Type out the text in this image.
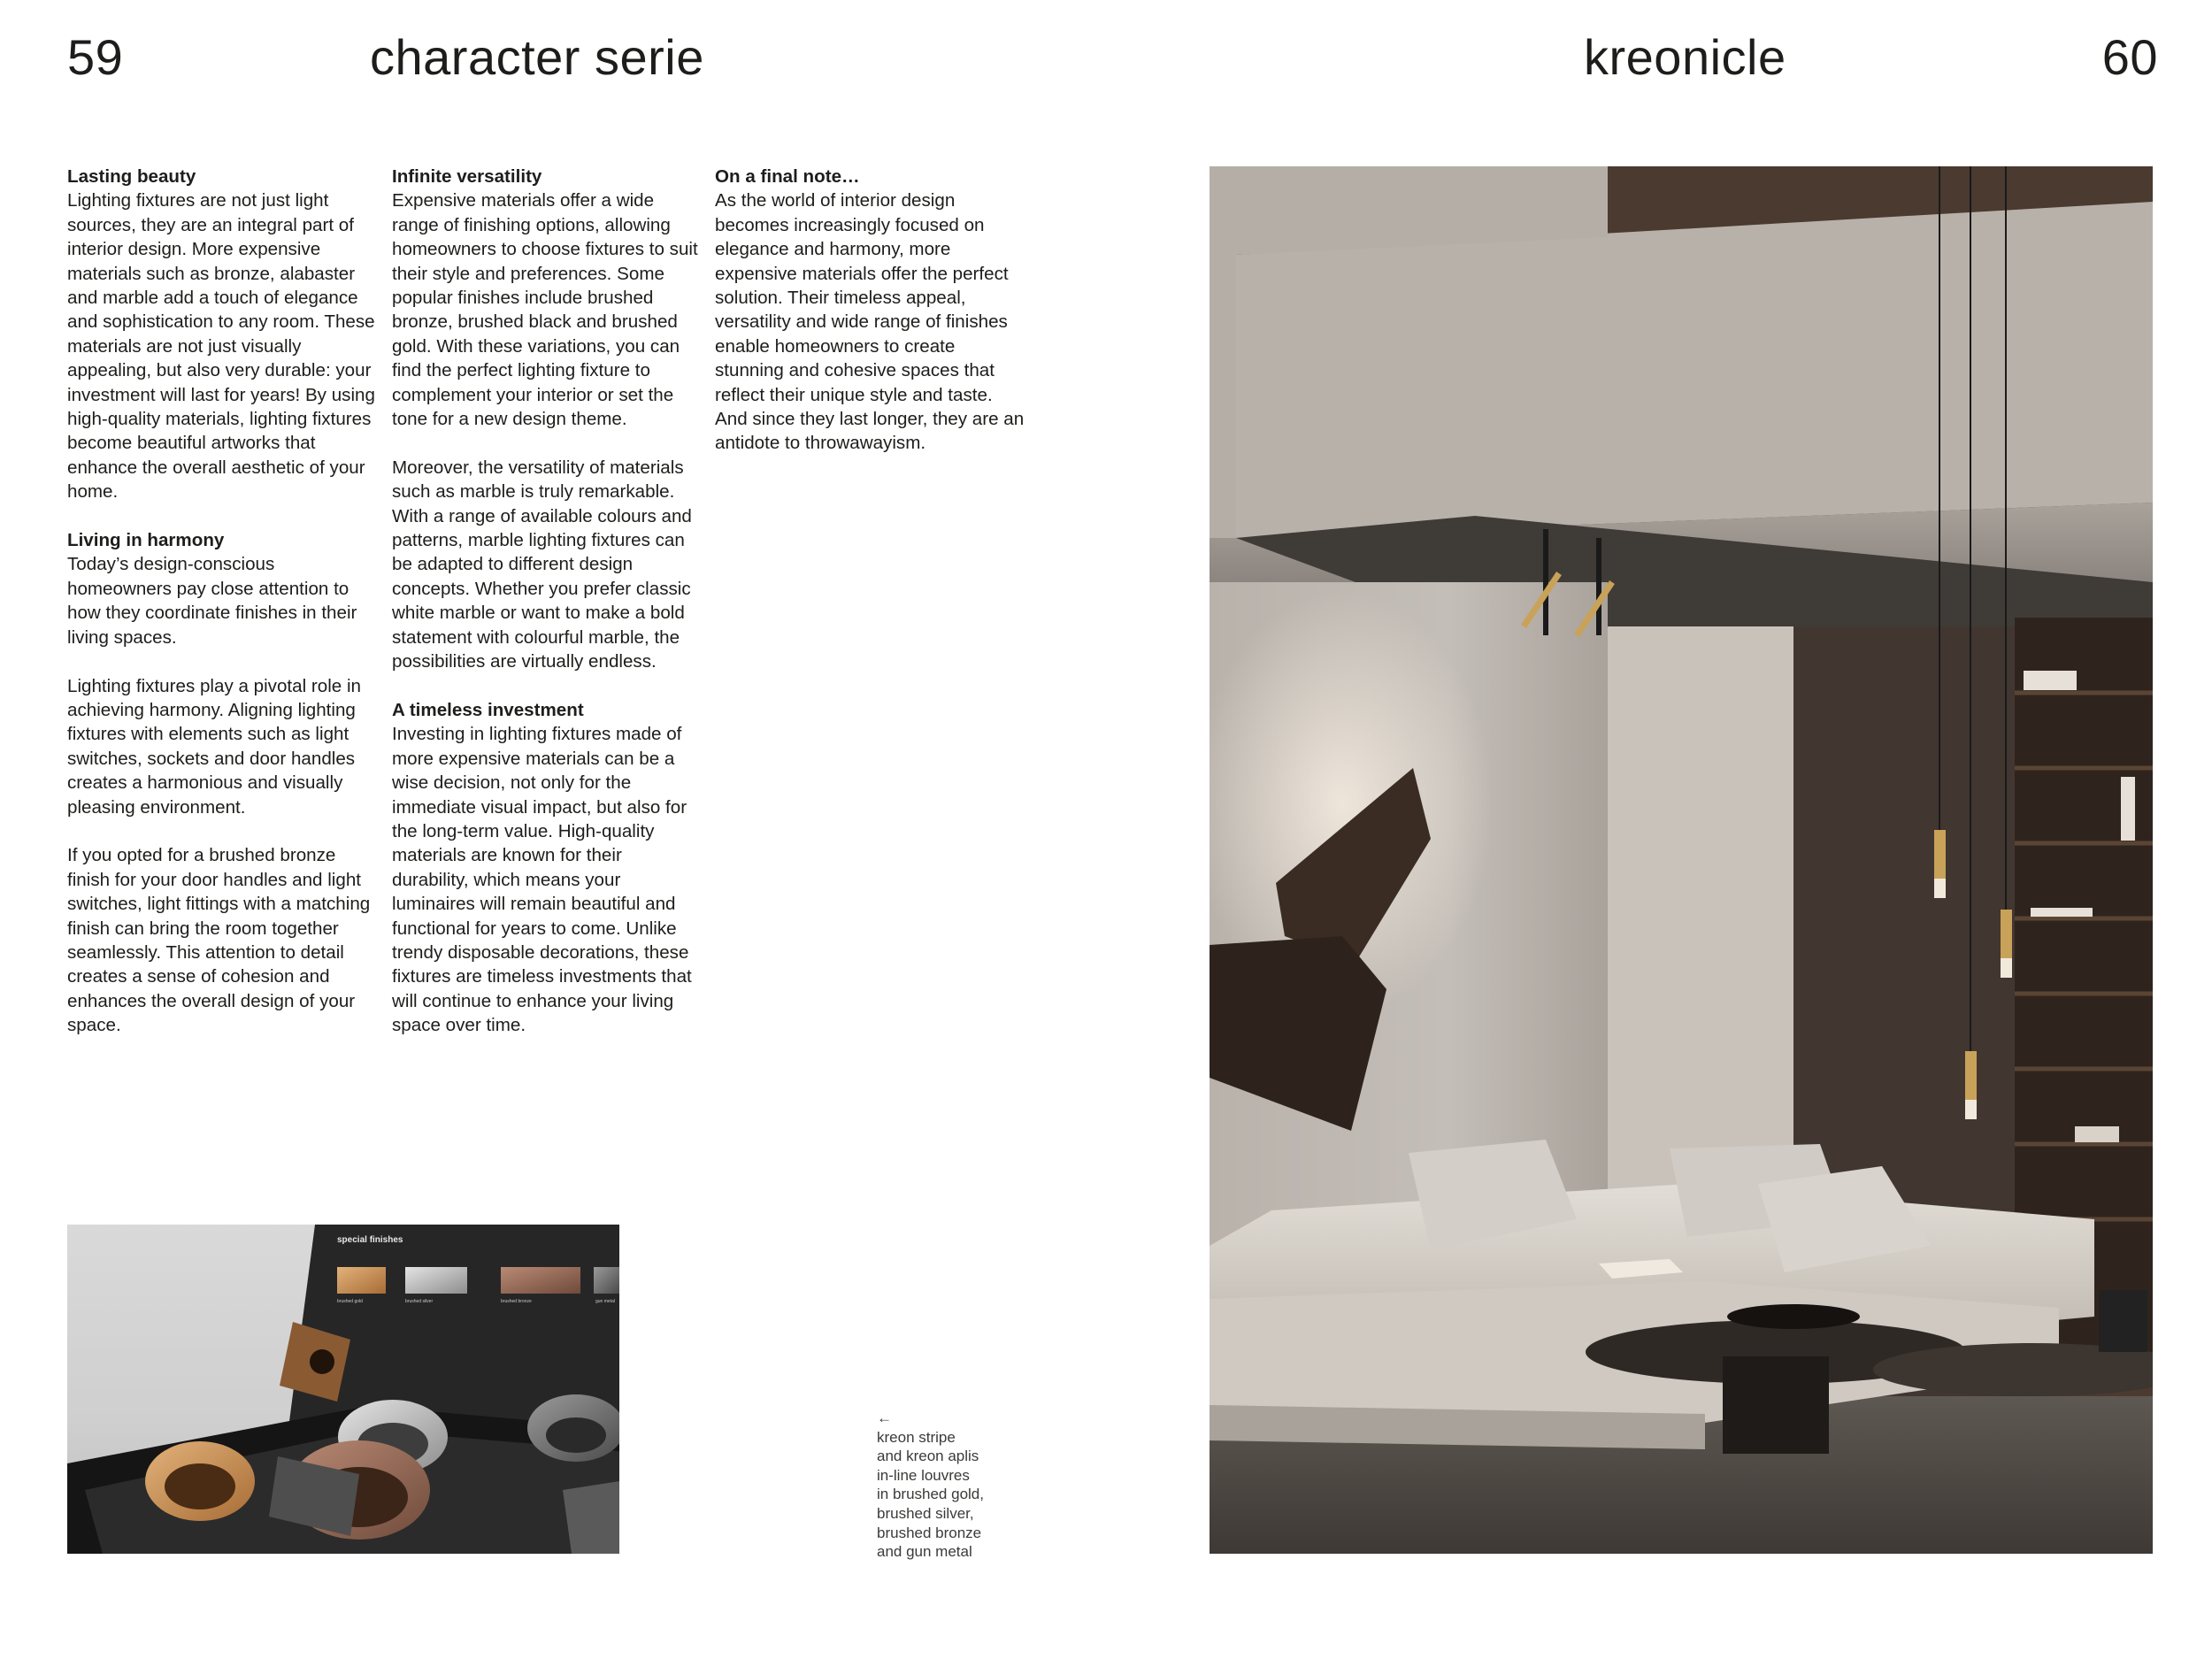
59	character serie	kreonicle	60
Lasting beauty

Lighting fixtures are not just light sources, they are an integral part of interior design. More expensive materials such as bronze, alabaster and marble add a touch of elegance and sophistication to any room. These materials are not just visually appealing, but also very durable: your investment will last for years! By using high-quality materials, lighting fixtures become beautiful artworks that enhance the overall aesthetic of your home.

Living in harmony

Today’s design-conscious homeowners pay close attention to how they coordinate finishes in their living spaces.

Lighting fixtures play a pivotal role in achieving harmony. Aligning lighting fixtures with elements such as light switches, sockets and door handles creates a harmonious and visually pleasing environment.

If you opted for a brushed bronze finish for your door handles and light switches, light fittings with a matching finish can bring the room together seamlessly. This attention to detail creates a sense of cohesion and enhances the overall design of your space.

Infinite versatility

Expensive materials offer a wide range of finishing options, allowing homeowners to choose fixtures to suit their style and preferences. Some popular finishes include brushed bronze, brushed black and brushed gold. With these variations, you can find the perfect lighting fixture to complement your interior or set the tone for a new design theme.

Moreover, the versatility of materials such as marble is truly remarkable. With a range of available colours and patterns, marble lighting fixtures can be adapted to different design concepts. Whether you prefer classic white marble or want to make a bold statement with colourful marble, the possibilities are virtually endless.

A timeless investment

Investing in lighting fixtures made of more expensive materials can be a wise decision, not only for the immediate visual impact, but also for the long-term value. High-quality materials are known for their durability, which means your luminaires will remain beautiful and functional for years to come. Unlike trendy disposable decorations, these fixtures are timeless investments that will continue to enhance your living space over time.

On a final note…

As the world of interior design becomes increasingly focused on elegance and harmony, more expensive materials offer the perfect solution. Their timeless appeal, versatility and wide range of finishes enable homeowners to create stunning and cohesive spaces that reflect their unique style and taste. And since they last longer, they are an antidote to throwawayism.

←
kreon stripe
and kreon aplis
in-line louvres
in brushed gold,
brushed silver,
brushed bronze
and gun metal
special finishes
brushed gold	brushed silver	brushed bronze	gun metal
